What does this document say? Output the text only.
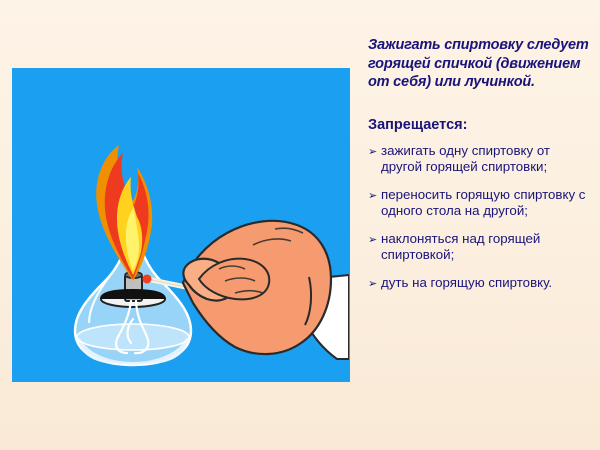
Зажигать спиртовку следует горящей спичкой (движением от себя) или лучинкой.

Запрещается:

➢ зажигать одну спиртовку от другой горящей спиртовки;
➢ переносить горящую спиртовку с одного стола на другой;
➢ наклоняться над горящей спиртовкой;
➢ дуть на горящую спиртовку.
